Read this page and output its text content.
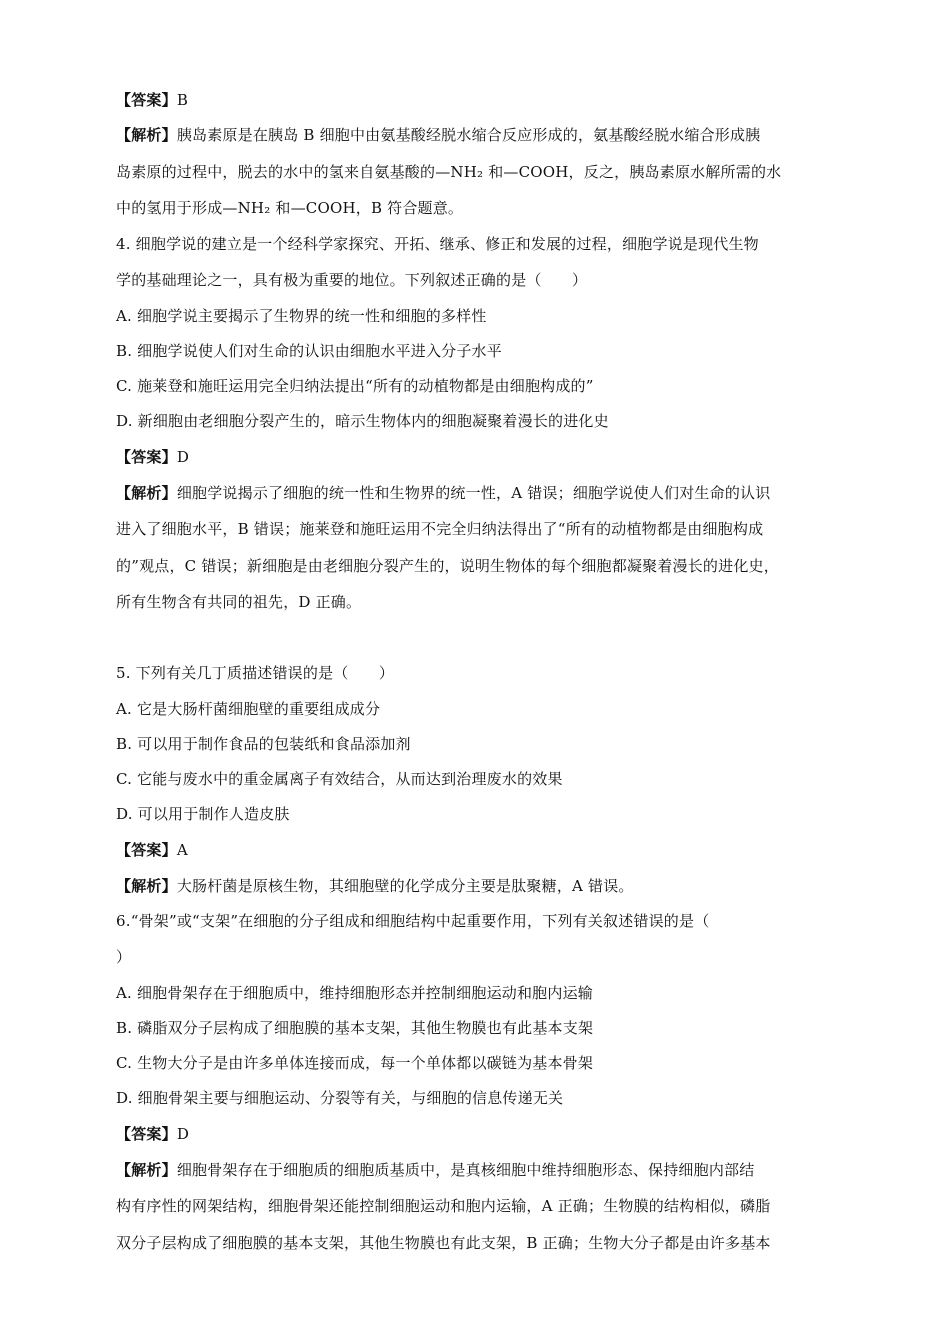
【答案】B
【解析】胰岛素原是在胰岛 B 细胞中由氨基酸经脱水缩合反应形成的，氨基酸经脱水缩合形成胰
岛素原的过程中，脱去的水中的氢来自氨基酸的—NH₂ 和—COOH，反之，胰岛素原水解所需的水
中的氢用于形成—NH₂ 和—COOH，B 符合题意。
4. 细胞学说的建立是一个经科学家探究、开拓、继承、修正和发展的过程，细胞学说是现代生物
学的基础理论之一，具有极为重要的地位。下列叙述正确的是（　　）
A. 细胞学说主要揭示了生物界的统一性和细胞的多样性
B. 细胞学说使人们对生命的认识由细胞水平进入分子水平
C. 施莱登和施旺运用完全归纳法提出“所有的动植物都是由细胞构成的”
D. 新细胞由老细胞分裂产生的，暗示生物体内的细胞凝聚着漫长的进化史
【答案】D
【解析】细胞学说揭示了细胞的统一性和生物界的统一性，A 错误；细胞学说使人们对生命的认识
进入了细胞水平，B 错误；施莱登和施旺运用不完全归纳法得出了“所有的动植物都是由细胞构成
的”观点，C 错误；新细胞是由老细胞分裂产生的，说明生物体的每个细胞都凝聚着漫长的进化史，
所有生物含有共同的祖先，D 正确。
5. 下列有关几丁质描述错误的是（　　）
A. 它是大肠杆菌细胞壁的重要组成成分
B. 可以用于制作食品的包装纸和食品添加剂
C. 它能与废水中的重金属离子有效结合，从而达到治理废水的效果
D. 可以用于制作人造皮肤
【答案】A
【解析】大肠杆菌是原核生物，其细胞壁的化学成分主要是肽聚糖，A 错误。
6.“骨架”或“支架”在细胞的分子组成和细胞结构中起重要作用，下列有关叙述错误的是（
）
A. 细胞骨架存在于细胞质中，维持细胞形态并控制细胞运动和胞内运输
B. 磷脂双分子层构成了细胞膜的基本支架，其他生物膜也有此基本支架
C. 生物大分子是由许多单体连接而成，每一个单体都以碳链为基本骨架
D. 细胞骨架主要与细胞运动、分裂等有关，与细胞的信息传递无关
【答案】D
【解析】细胞骨架存在于细胞质的细胞质基质中，是真核细胞中维持细胞形态、保持细胞内部结
构有序性的网架结构，细胞骨架还能控制细胞运动和胞内运输，A 正确；生物膜的结构相似，磷脂
双分子层构成了细胞膜的基本支架，其他生物膜也有此支架，B 正确；生物大分子都是由许多基本
